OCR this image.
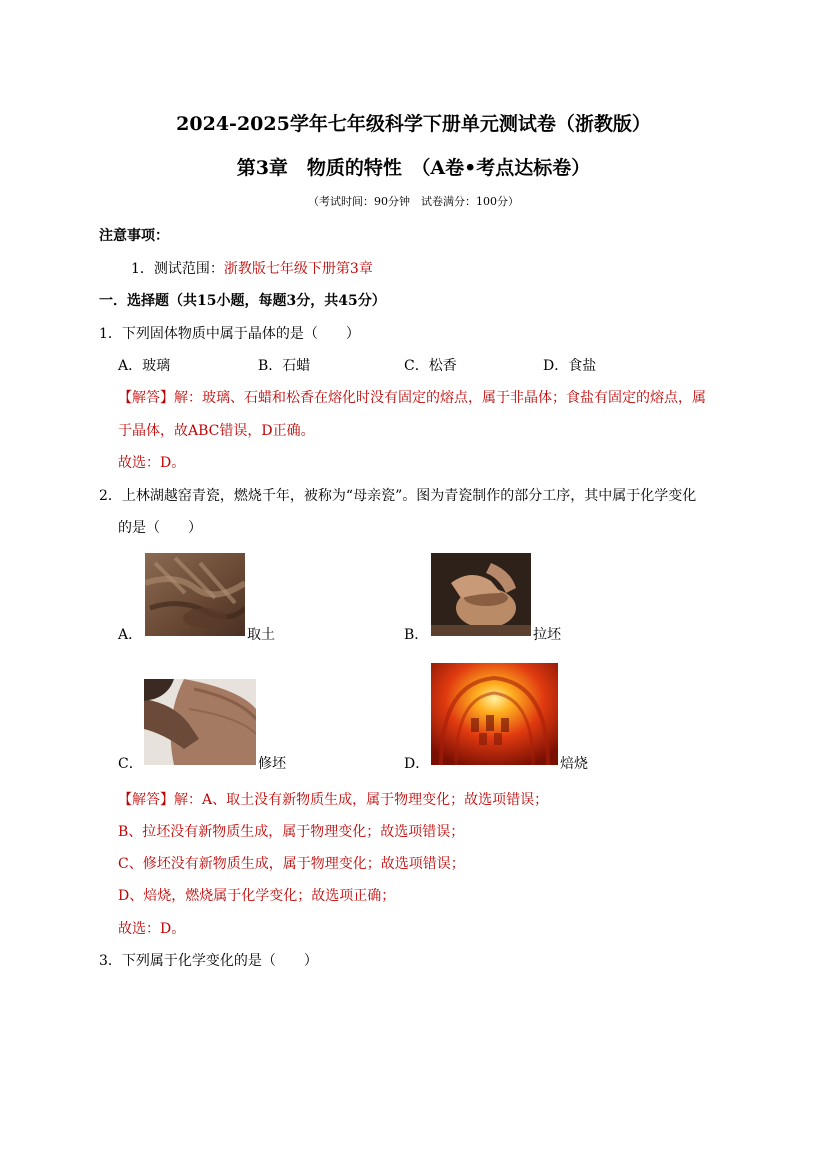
2024-2025学年七年级科学下册单元测试卷（浙教版）
第3章　物质的特性　（A卷•考点达标卷）
（考试时间：90分钟　试卷满分：100分）
注意事项：
1．测试范围：浙教版七年级下册第3章
一．选择题（共15小题，每题3分，共45分）
1．下列固体物质中属于晶体的是（　　）
A．玻璃	B．石蜡	C．松香	D．食盐
【解答】解：玻璃、石蜡和松香在熔化时没有固定的熔点，属于非晶体；食盐有固定的熔点，属
于晶体，故ABC错误，D正确。
故选：D。
2．上林湖越窑青瓷，燃烧千年，被称为“母亲瓷”。图为青瓷制作的部分工序，其中属于化学变化
的是（　　）
A．	取土	B．	拉坯
C．	修坯	D．	焙烧
【解答】解：A、取土没有新物质生成，属于物理变化；故选项错误；
B、拉坯没有新物质生成，属于物理变化；故选项错误；
C、修坯没有新物质生成，属于物理变化；故选项错误；
D、焙烧，燃烧属于化学变化；故选项正确；
故选：D。
3．下列属于化学变化的是（　　）
